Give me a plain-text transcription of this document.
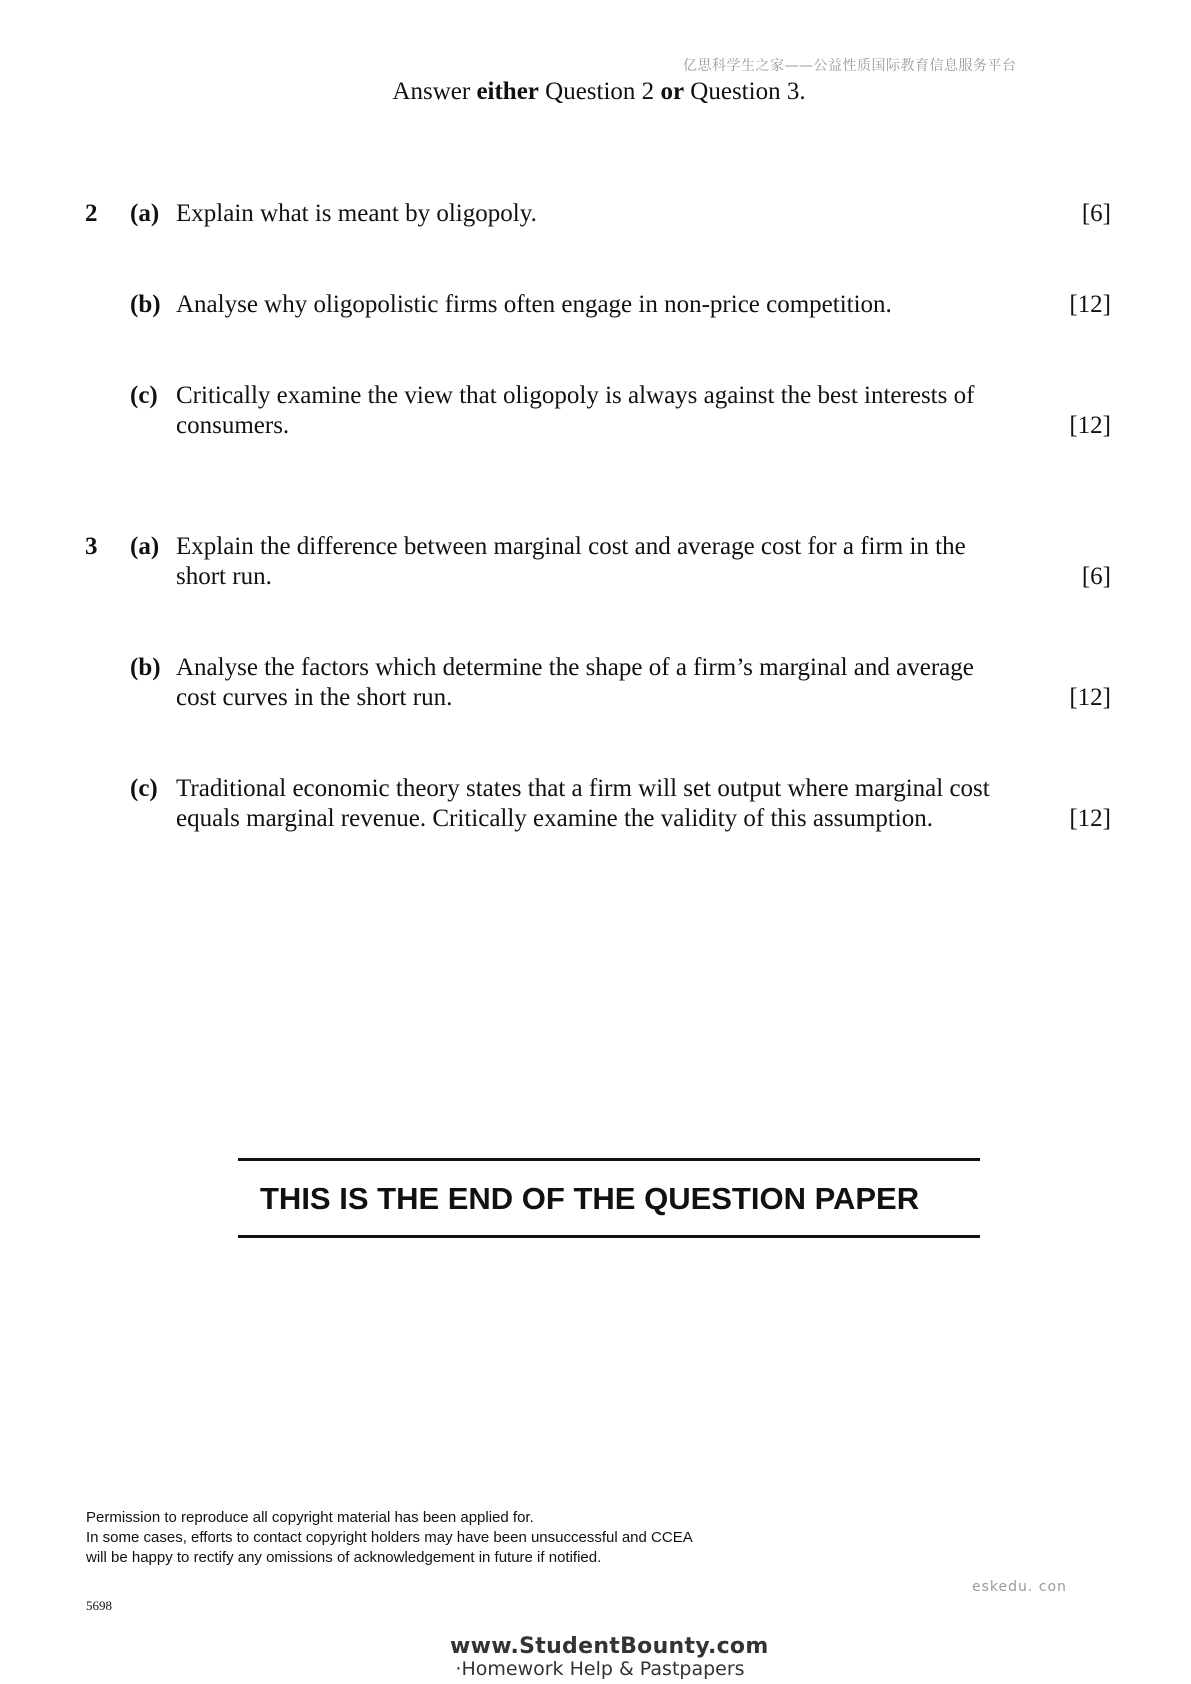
亿思科学生之家——公益性质国际教育信息服务平台
Answer either Question 2 or Question 3.
2 (a) Explain what is meant by oligopoly.	[6]
(b) Analyse why oligopolistic firms often engage in non-price competition.	[12]
(c) Critically examine the view that oligopoly is always against the best interests of
consumers.	[12]
3 (a) Explain the difference between marginal cost and average cost for a firm in the
short run.	[6]
(b) Analyse the factors which determine the shape of a firm’s marginal and average
cost curves in the short run.	[12]
(c) Traditional economic theory states that a firm will set output where marginal cost
equals marginal revenue. Critically examine the validity of this assumption.	[12]
THIS IS THE END OF THE QUESTION PAPER
Permission to reproduce all copyright material has been applied for.
In some cases, efforts to contact copyright holders may have been unsuccessful and CCEA
will be happy to rectify any omissions of acknowledgement in future if notified.
eskedu. con
5698
www.StudentBounty.com
·Homework Help & Pastpapers
